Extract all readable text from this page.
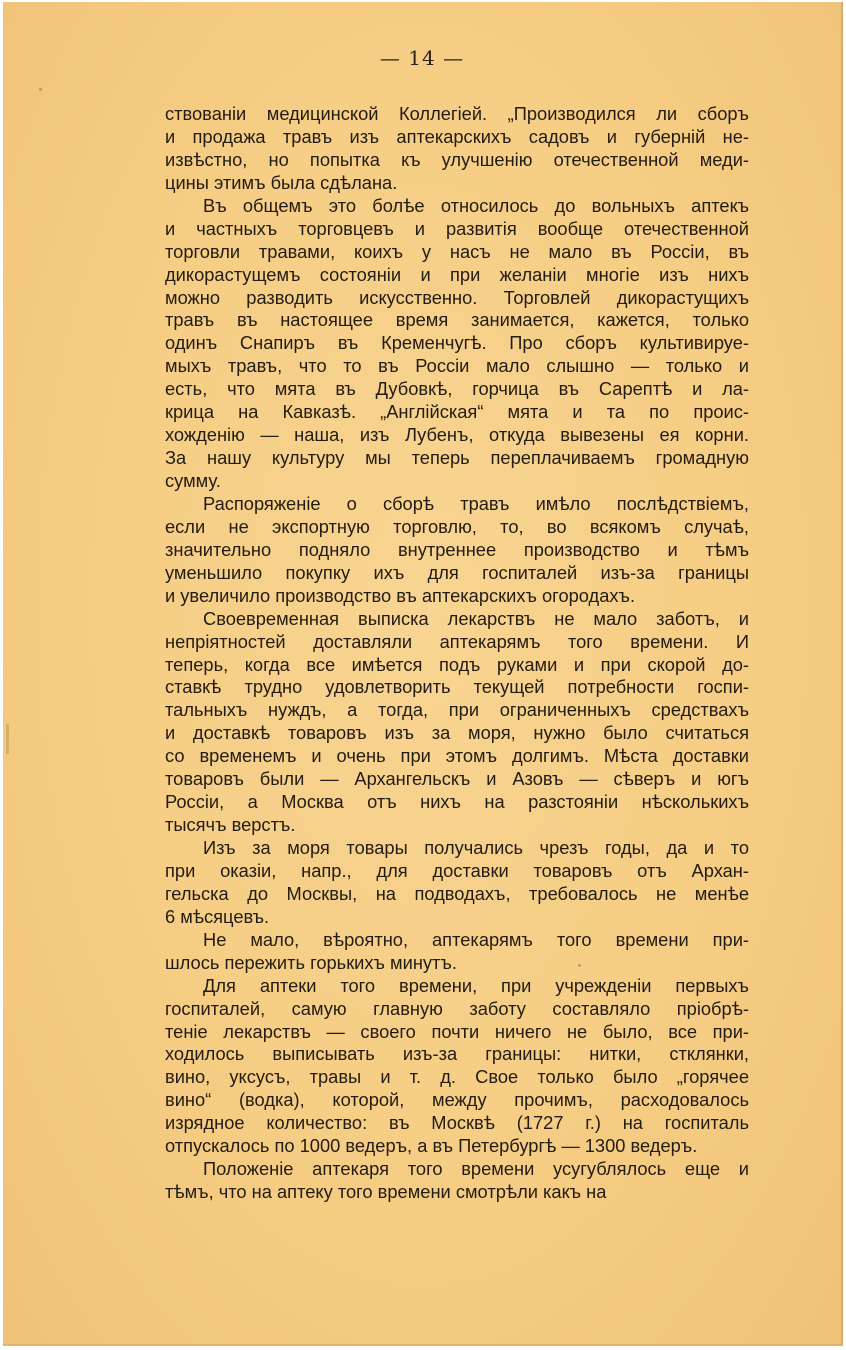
— 14 —
ствованіи медицинской Коллегіей. „Производился ли сборъ
и продажа травъ изъ аптекарскихъ садовъ и губерній не-
извѣстно, но попытка къ улучшенію отечественной меди-
цины этимъ была сдѣлана.
Въ общемъ это болѣе относилось до вольныхъ аптекъ
и частныхъ торговцевъ и развитія вообще отечественной
торговли травами, коихъ у насъ не мало въ Россіи, въ
дикорастущемъ состояніи и при желаніи многіе изъ нихъ
можно разводить искусственно. Торговлей дикорастущихъ
травъ въ настоящее время занимается, кажется, только
одинъ Снапиръ въ Кременчугѣ. Про сборъ культивируе-
мыхъ травъ, что то въ Россіи мало слышно — только и
есть, что мята въ Дубовкѣ, горчица въ Сарептѣ и ла-
крица на Кавказѣ. „Англійская“ мята и та по проис-
хожденію — наша, изъ Лубенъ, откуда вывезены ея корни.
За нашу культуру мы теперь переплачиваемъ громадную
сумму.
Распоряженіе о сборѣ травъ имѣло послѣдствіемъ,
если не экспортную торговлю, то, во всякомъ случаѣ,
значительно подняло внутреннее производство и тѣмъ
уменьшило покупку ихъ для госпиталей изъ-за границы
и увеличило производство въ аптекарскихъ огородахъ.
Своевременная выписка лекарствъ не мало заботъ, и
непріятностей доставляли аптекарямъ того времени. И
теперь, когда все имѣется подъ руками и при скорой до-
ставкѣ трудно удовлетворить текущей потребности госпи-
тальныхъ нуждъ, а тогда, при ограниченныхъ средствахъ
и доставкѣ товаровъ изъ за моря, нужно было считаться
со временемъ и очень при этомъ долгимъ. Мѣста доставки
товаровъ были — Архангельскъ и Азовъ — сѣверъ и югъ
Россіи, а Москва отъ нихъ на разстояніи нѣсколькихъ
тысячъ верстъ.
Изъ за моря товары получались чрезъ годы, да и то
при оказіи, напр., для доставки товаровъ отъ Архан-
гельска до Москвы, на подводахъ, требовалось не менѣе
6 мѣсяцевъ.
Не мало, вѣроятно, аптекарямъ того времени при-
шлось пережить горькихъ минутъ.
Для аптеки того времени, при учрежденіи первыхъ
госпиталей, самую главную заботу составляло пріобрѣ-
теніе лекарствъ — своего почти ничего не было, все при-
ходилось выписывать изъ-за границы: нитки, стклянки,
вино, уксусъ, травы и т. д. Свое только было „горячее
вино“ (водка), которой, между прочимъ, расходовалось
изрядное количество: въ Москвѣ (1727 г.) на госпиталь
отпускалось по 1000 ведеръ, а въ Петербургѣ — 1300 ведеръ.
Положеніе аптекаря того времени усугублялось еще и
тѣмъ, что на аптеку того времени смотрѣли какъ на
